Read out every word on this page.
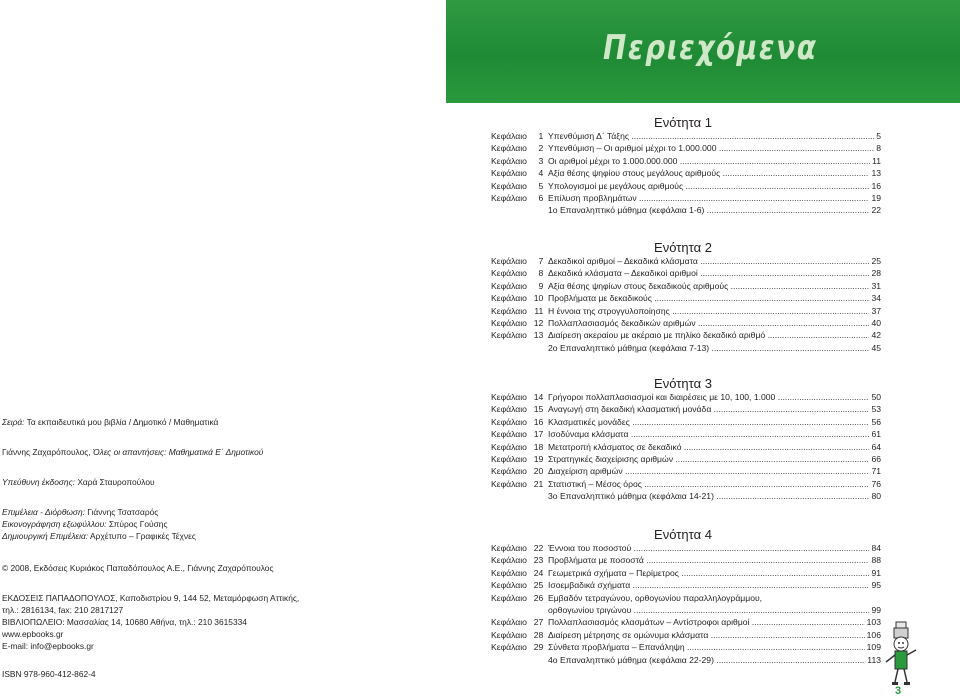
Περιεχόμενα
Ενότητα 1
Κεφάλαιο 1 Υπενθύμιση Δ΄ Τάξης .....	5
Κεφάλαιο 2 Υπενθύμιση – Οι αριθμοί μέχρι το 1.000.000 .....	8
Κεφάλαιο 3 Οι αριθμοί μέχρι το 1.000.000.000 .....	11
Κεφάλαιο 4 Αξία θέσης ψηφίου στους μεγάλους αριθμούς .....	13
Κεφάλαιο 5 Υπολογισμοί με μεγάλους αριθμούς .....	16
Κεφάλαιο 6 Επίλυση προβλημάτων .....	19
1ο Επαναληπτικό μάθημα (κεφάλαια 1-6) .....	22
Ενότητα 2
Κεφάλαιο 7 Δεκαδικοί αριθμοί – Δεκαδικά κλάσματα .....	25
Κεφάλαιο 8 Δεκαδικά κλάσματα – Δεκαδικοί αριθμοί .....	28
Κεφάλαιο 9 Αξία θέσης ψηφίων στους δεκαδικούς αριθμούς .....	31
Κεφάλαιο 10 Προβλήματα με δεκαδικούς .....	34
Κεφάλαιο 11 Η έννοια της στρογγυλοποίησης .....	37
Κεφάλαιο 12 Πολλαπλασιασμός δεκαδικών αριθμών .....	40
Κεφάλαιο 13 Διαίρεση ακεραίου με ακέραιο με πηλίκο δεκαδικό αριθμό .....	42
2ο Επαναληπτικό μάθημα (κεφάλαια 7-13) .....	45
Ενότητα 3
Κεφάλαιο 14 Γρήγοροι πολλαπλασιασμοί και διαιρέσεις με 10, 100, 1.000 .....	50
Κεφάλαιο 15 Αναγωγή στη δεκαδική κλασματική μονάδα .....	53
Κεφάλαιο 16 Κλασματικές μονάδες .....	56
Κεφάλαιο 17 Ισοδύναμα κλάσματα .....	61
Κεφάλαιο 18 Μετατροπή κλάσματος σε δεκαδικό .....	64
Κεφάλαιο 19 Στρατηγικές διαχείρισης αριθμών .....	66
Κεφάλαιο 20 Διαχείριση αριθμών .....	71
Κεφάλαιο 21 Στατιστική – Μέσος όρος .....	76
3ο Επαναληπτικό μάθημα (κεφάλαια 14-21) .....	80
Ενότητα 4
Κεφάλαιο 22 Έννοια του ποσοστού .....	84
Κεφάλαιο 23 Προβλήματα με ποσοστά .....	88
Κεφάλαιο 24 Γεωμετρικά σχήματα – Περίμετρος .....	91
Κεφάλαιο 25 Ισοεμβαδικά σχήματα .....	95
Κεφάλαιο 26 Εμβαδόν τετραγώνου, ορθογωνίου παραλληλογράμμου,
ορθογωνίου τριγώνου .....	99
Κεφάλαιο 27 Πολλαπλασιασμός κλασμάτων – Αντίστροφοι αριθμοί .....	103
Κεφάλαιο 28 Διαίρεση μέτρησης σε ομώνυμα κλάσματα .....	106
Κεφάλαιο 29 Σύνθετα προβλήματα – Επανάληψη .....	109
4ο Επαναληπτικό μάθημα (κεφάλαια 22-29) .....	113
Σειρά: Τα εκπαιδευτικά μου βιβλία / Δημοτικό / Μαθηματικά
Γιάννης Ζαχαρόπουλος, Όλες οι απαντήσεις: Μαθηματικά Ε΄ Δημοτικού
Υπεύθυνη έκδοσης: Χαρά Σταυροπούλου
Επιμέλεια - Διόρθωση: Γιάννης Τσατσαρός
Εικονογράφηση εξωφύλλου: Σπύρος Γούσης
Δημιουργική Επιμέλεια: Αρχέτυπο – Γραφικές Τέχνες
© 2008, Εκδόσεις Κυριάκος Παπαδόπουλος Α.Ε., Γιάννης Ζαχαρόπουλος
ΕΚΔΟΣΕΙΣ ΠΑΠΑΔΟΠΟΥΛΟΣ, Καποδιστρίου 9, 144 52, Μεταμόρφωση Αττικής,
τηλ.: 2816134, fax: 210 2817127
ΒΙΒΛΙΟΠΩΛΕΙΟ: Μασσαλίας 14, 10680 Αθήνα, τηλ.: 210 3615334
www.epbooks.gr
E-mail: info@epbooks.gr
ISBN 978-960-412-862-4
3
